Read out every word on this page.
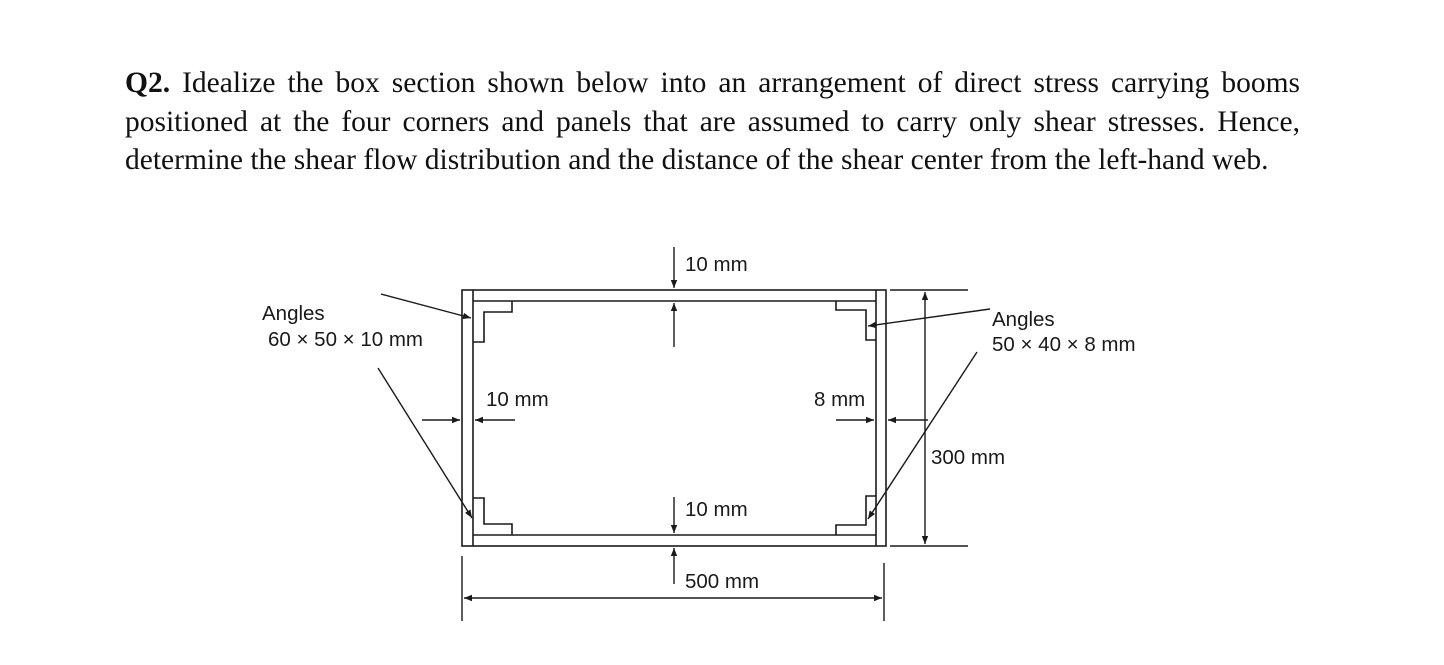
Q2. Idealize the box section shown below into an arrangement of direct stress carrying booms positioned at the four corners and panels that are assumed to carry only shear stresses. Hence, determine the shear flow distribution and the distance of the shear center from the left-hand web.

10 mm
10 mm
10 mm	8 mm
300 mm
500 mm
Angles
60 × 50 × 10 mm
Angles
50 × 40 × 8 mm
